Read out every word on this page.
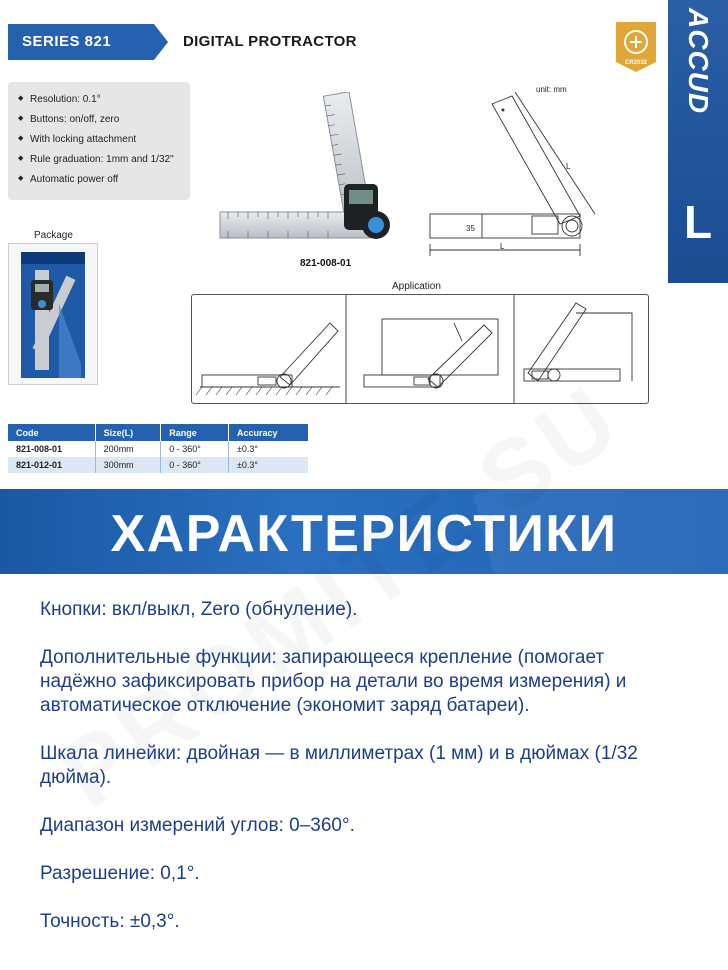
SERIES 821	DIGITAL PROTRACTOR
CR2032	ACCUD
L
◆ Resolution: 0.1°
◆ Buttons: on/off, zero
◆ With locking attachment
◆ Rule graduation: 1mm and 1/32"
◆ Automatic power off
Package
821-008-01
unit: mm
35
L
L
Application
Code	Size(L)	Range	Accuracy
821-008-01	200mm	0 - 360°	±0.3°
821-012-01	300mm	0 - 360°	±0.3°
ХАРАКТЕРИСТИКИ

Кнопки: вкл/выкл, Zero (обнуление).

Дополнительные функции: запирающееся крепление (помогает надёжно зафиксировать прибор на детали во время измерения) и автоматическое отключение (экономит заряд батареи).

Шкала линейки: двойная — в миллиметрах (1 мм) и в дюймах (1/32 дюйма).

Диапазон измерений углов: 0–360°.

Разрешение: 0,1°.

Точность: ±0,3°.
